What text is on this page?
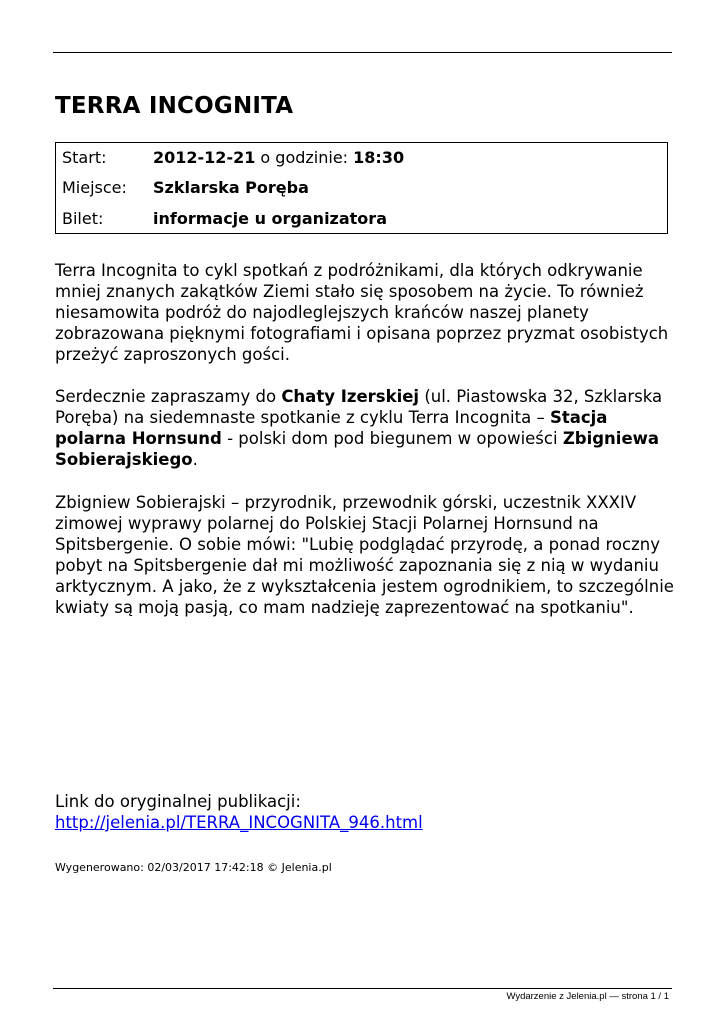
TERRA INCOGNITA
Start:	2012-12-21 o godzinie: 18:30
Miejsce: Szklarska Poręba
Bilet:	informacje u organizatora

Terra Incognita to cykl spotkań z podróżnikami, dla których odkrywanie mniej znanych zakątków Ziemi stało się sposobem na życie. To również niesamowita podróż do najodleglejszych krańców naszej planety zobrazowana pięknymi fotografiami i opisana poprzez pryzmat osobistych przeżyć zaproszonych gości.

Serdecznie zapraszamy do Chaty Izerskiej (ul. Piastowska 32, Szklarska Poręba) na siedemnaste spotkanie z cyklu Terra Incognita – Stacja polarna Hornsund - polski dom pod biegunem w opowieści Zbigniewa Sobierajskiego.

Zbigniew Sobierajski – przyrodnik, przewodnik górski, uczestnik XXXIV zimowej wyprawy polarnej do Polskiej Stacji Polarnej Hornsund na Spitsbergenie. O sobie mówi: "Lubię podglądać przyrodę, a ponad roczny pobyt na Spitsbergenie dał mi możliwość zapoznania się z nią w wydaniu arktycznym. A jako, że z wykształcenia jestem ogrodnikiem, to szczególnie kwiaty są moją pasją, co mam nadzieję zaprezentować na spotkaniu".

Link do oryginalnej publikacji:
http://jelenia.pl/TERRA_INCOGNITA_946.html
Wygenerowano: 02/03/2017 17:42:18 © Jelenia.pl
Wydarzenie z Jelenia.pl — strona 1 / 1
